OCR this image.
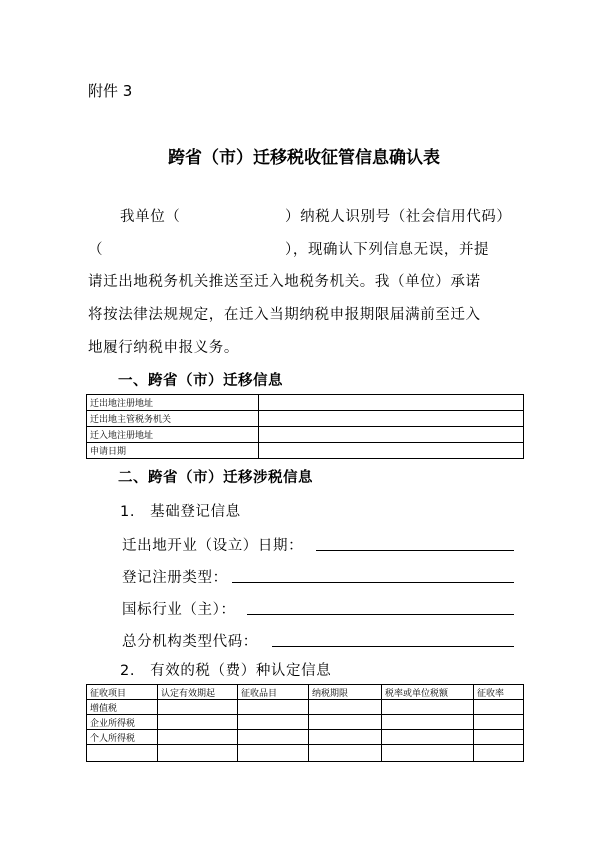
附件 3
跨省（市）迁移税收征管信息确认表
我单位（	）纳税人识别号（社会信用代码）
（	），现确认下列信息无误，并提
请迁出地税务机关推送至迁入地税务机关。我（单位）承诺
将按法律法规规定，在迁入当期纳税申报期限届满前至迁入
地履行纳税申报义务。
一、跨省（市）迁移信息
迁出地注册地址	
迁出地主管税务机关	
迁入地注册地址	
申请日期	
二、跨省（市）迁移涉税信息
1.　基础登记信息
迁出地开业（设立）日期：
登记注册类型：
国标行业（主）：
总分机构类型代码：
2.　有效的税（费）种认定信息
征收项目	认定有效期起	征收品目	纳税期限	税率或单位税额	征收率
增值税					
企业所得税					
个人所得税					
